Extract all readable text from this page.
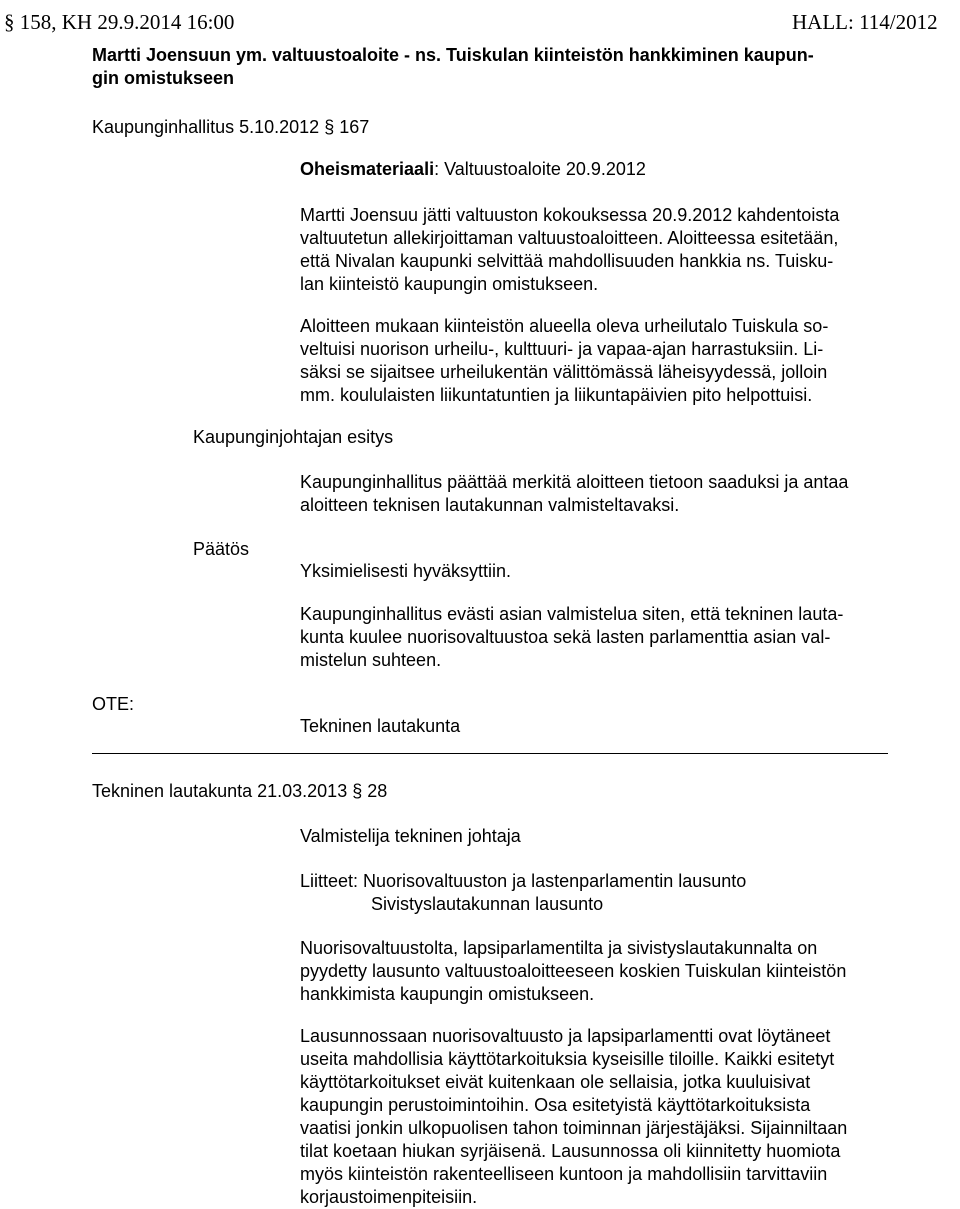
§ 158, KH 29.9.2014 16:00	HALL: 114/2012
Martti Joensuun ym. valtuustoaloite - ns. Tuiskulan kiinteistön hankkiminen kaupun-
gin omistukseen
Kaupunginhallitus 5.10.2012 § 167
Oheismateriaali: Valtuustoaloite 20.9.2012
Martti Joensuu jätti valtuuston kokouksessa 20.9.2012 kahdentoista
valtuutetun allekirjoittaman valtuustoaloitteen. Aloitteessa esitetään,
että Nivalan kaupunki selvittää mahdollisuuden hankkia ns. Tuisku-
lan kiinteistö kaupungin omistukseen.
Aloitteen mukaan kiinteistön alueella oleva urheilutalo Tuiskula so-
veltuisi nuorison urheilu-, kulttuuri- ja vapaa-ajan harrastuksiin. Li-
säksi se sijaitsee urheilukentän välittömässä läheisyydessä, jolloin
mm. koululaisten liikuntatuntien ja liikuntapäivien pito helpottuisi.
Kaupunginjohtajan esitys
Kaupunginhallitus päättää merkitä aloitteen tietoon saaduksi ja antaa
aloitteen teknisen lautakunnan valmisteltavaksi.
Päätös
Yksimielisesti hyväksyttiin.
Kaupunginhallitus evästi asian valmistelua siten, että tekninen lauta-
kunta kuulee nuorisovaltuustoa sekä lasten parlamenttia asian val-
mistelun suhteen.
OTE:
Tekninen lautakunta
Tekninen lautakunta 21.03.2013 § 28
Valmistelija tekninen johtaja
Liitteet: Nuorisovaltuuston ja lastenparlamentin lausunto
Sivistyslautakunnan lausunto
Nuorisovaltuustolta, lapsiparlamentilta ja sivistyslautakunnalta on
pyydetty lausunto valtuustoaloitteeseen koskien Tuiskulan kiinteistön
hankkimista kaupungin omistukseen.
Lausunnossaan nuorisovaltuusto ja lapsiparlamentti ovat löytäneet
useita mahdollisia käyttötarkoituksia kyseisille tiloille. Kaikki esitetyt
käyttötarkoitukset eivät kuitenkaan ole sellaisia, jotka kuuluisivat
kaupungin perustoimintoihin. Osa esitetyistä käyttötarkoituksista
vaatisi jonkin ulkopuolisen tahon toiminnan järjestäjäksi. Sijainniltaan
tilat koetaan hiukan syrjäisenä. Lausunnossa oli kiinnitetty huomiota
myös kiinteistön rakenteelliseen kuntoon ja mahdollisiin tarvittaviin
korjaustoimenpiteisiin.
